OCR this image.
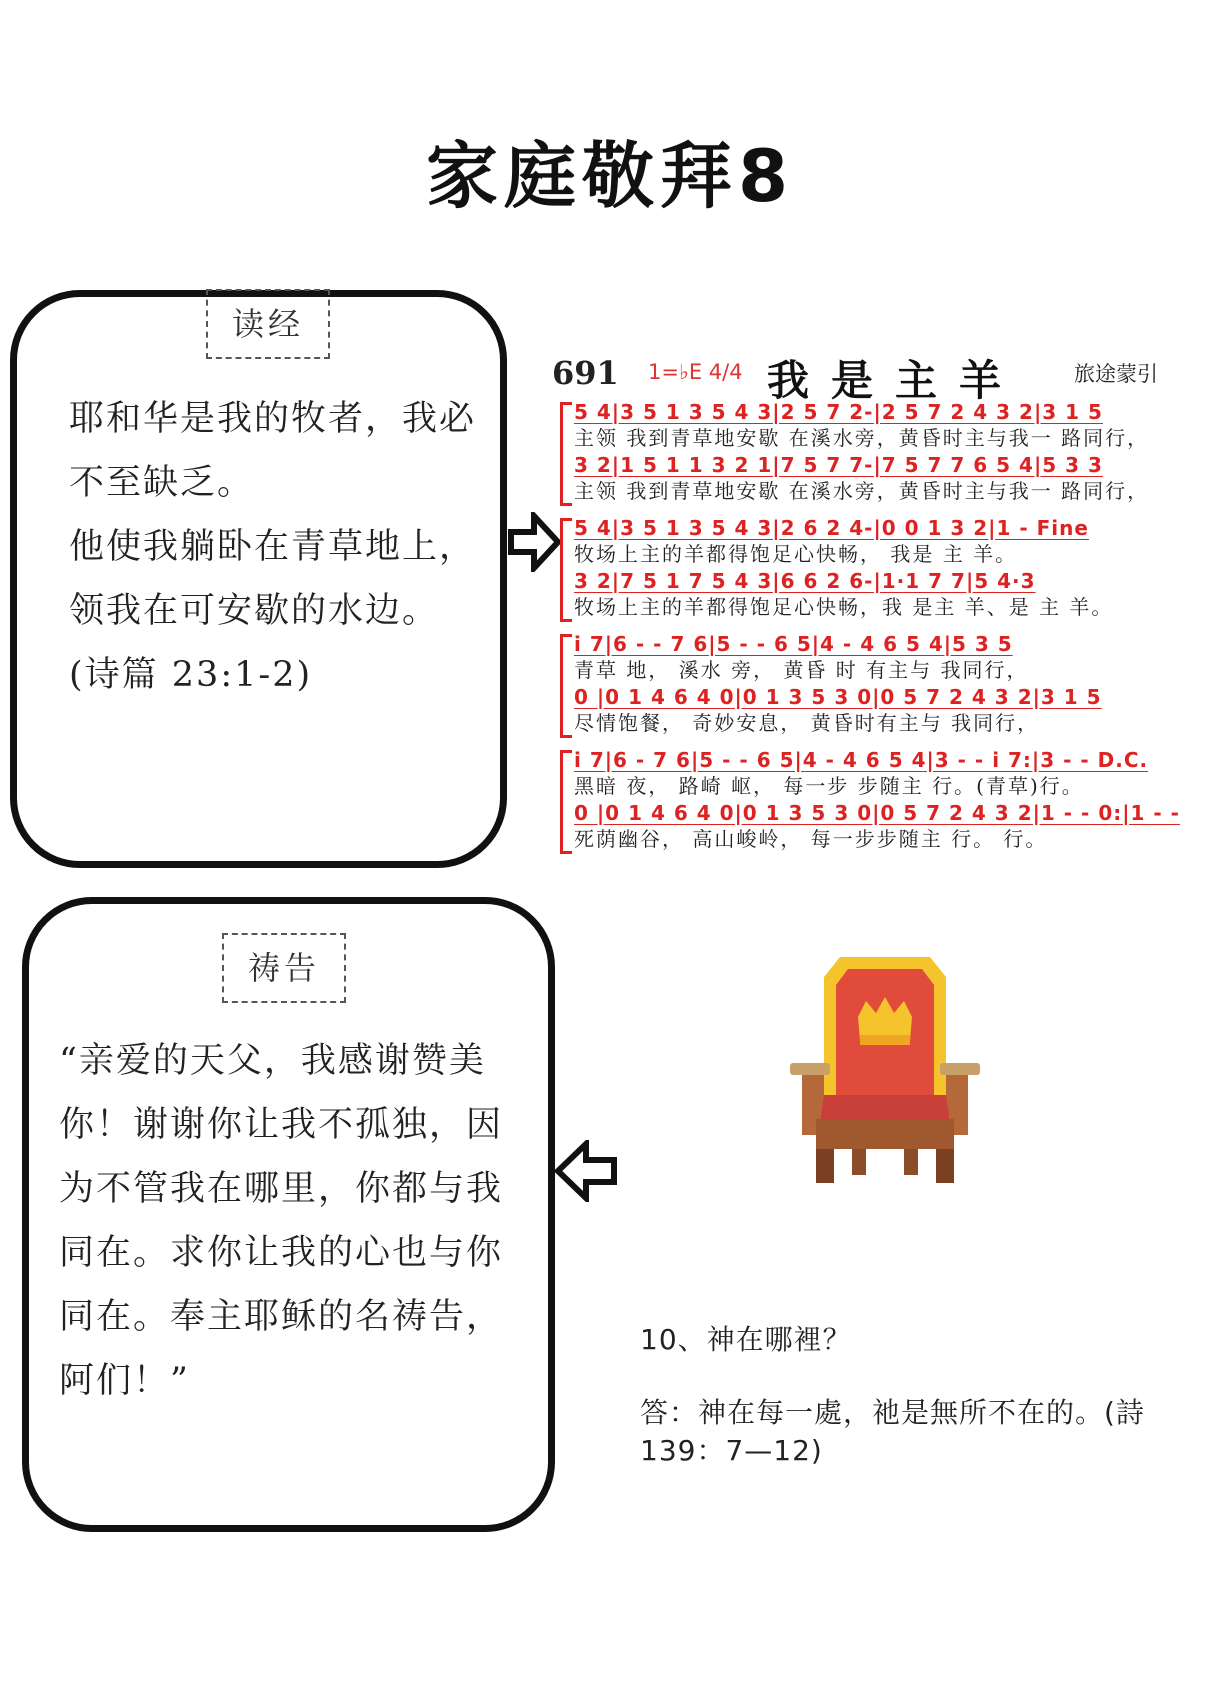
家庭敬拜8
读经
耶和华是我的牧者，我必不至缺乏。
他使我躺卧在青草地上，领我在可安歇的水边。
(诗篇 23:1-2)
691 1=♭E 4/4 我是主羊 旅途蒙引
5 4|3 5 1 3 5 4 3|2 5 7 2-|2 5 7 2 4 3 2|3 1 5
主领 我到青草地安歇 在溪水旁，黄昏时主与我一 路同行，
3 2|1 5 1 1 3 2 1|7 5 7 7-|7 5 7 7 6 5 4|5 3 3
主领 我到青草地安歇 在溪水旁，黄昏时主与我一 路同行，
5 4|3 5 1 3 5 4 3|2 6 2 4-|0 0 1 3 2|1 - Fine
牧场上主的羊都得饱足心快畅， 我是 主 羊。
3 2|7 5 1 7 5 4 3|6 6 2 6-|1·1 7 7|5 4·3
牧场上主的羊都得饱足心快畅，我 是主 羊、是 主 羊。
i 7|6 - - 7 6|5 - - 6 5|4 - 4 6 5 4|5 3 5
青草 地， 溪水 旁， 黄昏 时 有主与 我同行，
0 |0 1 4 6 4 0|0 1 3 5 3 0|0 5 7 2 4 3 2|3 1 5
尽情饱餐， 奇妙安息， 黄昏时有主与 我同行，
i 7|6 - 7 6|5 - - 6 5|4 - 4 6 5 4|3 - - i 7:|3 - - D.C.
黑暗 夜， 路崎 岖， 每一步 步随主 行。(青草)行。
0 |0 1 4 6 4 0|0 1 3 5 3 0|0 5 7 2 4 3 2|1 - - 0:|1 - -
死荫幽谷， 高山峻岭， 每一步步随主 行。 行。
祷告
“亲爱的天父，我感谢赞美你！谢谢你让我不孤独，因为不管我在哪里，你都与我同在。求你让我的心也与你同在。奉主耶稣的名祷告，阿们！”
10、神在哪裡？
答：神在每一處，祂是無所不在的。(詩139：7—12)
